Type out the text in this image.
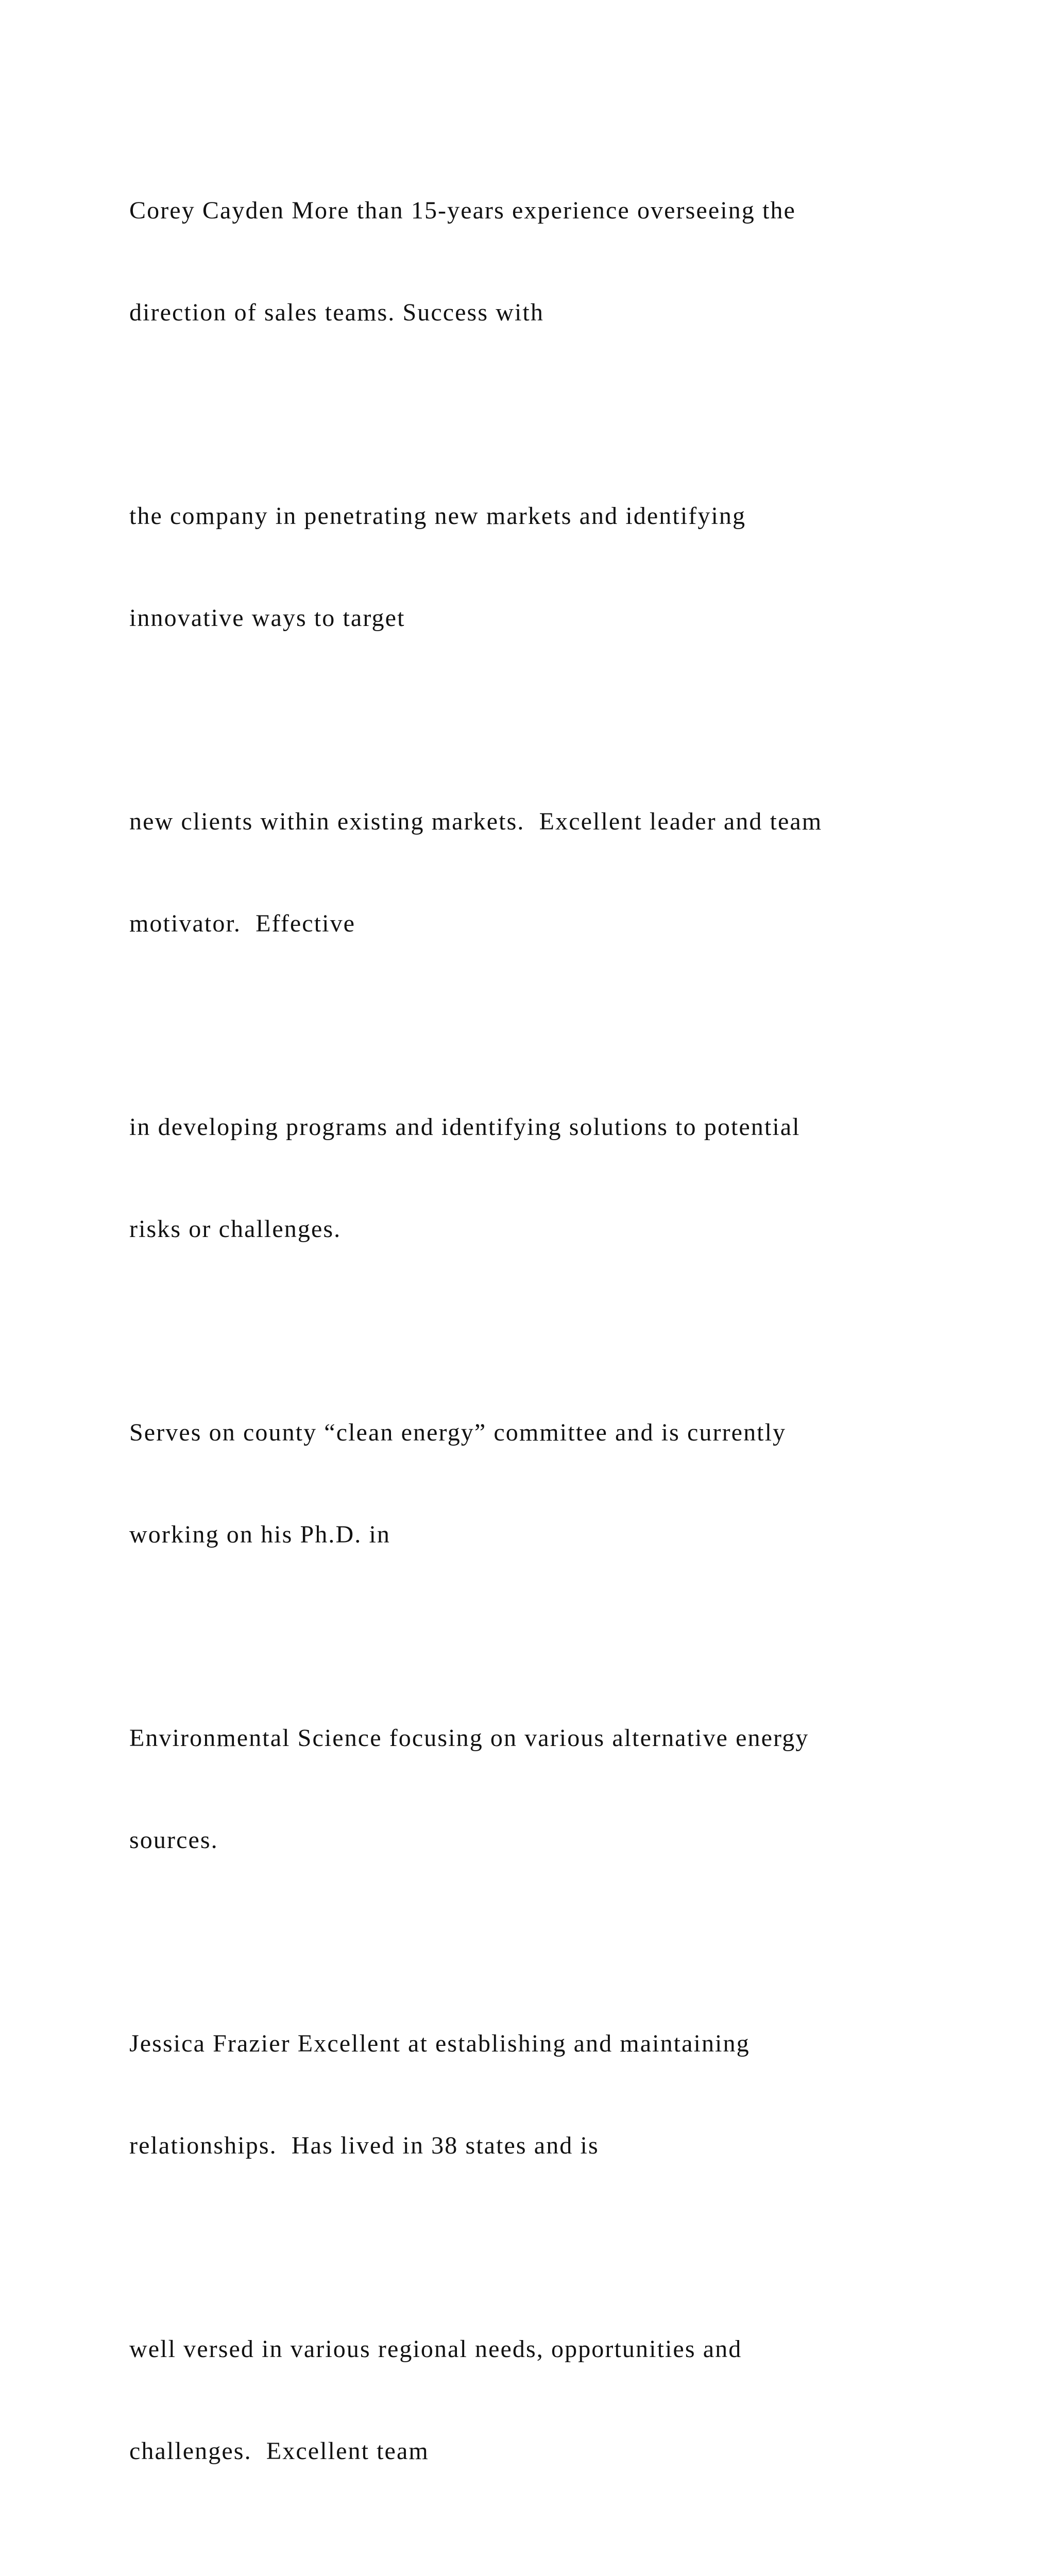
Corey Cayden More than 15-years experience overseeing the

direction of sales teams. Success with

the company in penetrating new markets and identifying

innovative ways to target

new clients within existing markets.  Excellent leader and team

motivator.  Effective

in developing programs and identifying solutions to potential

risks or challenges.

Serves on county “clean energy” committee and is currently

working on his Ph.D. in

Environmental Science focusing on various alternative energy

sources.

Jessica Frazier Excellent at establishing and maintaining

relationships.  Has lived in 38 states and is

well versed in various regional needs, opportunities and

challenges.  Excellent team
